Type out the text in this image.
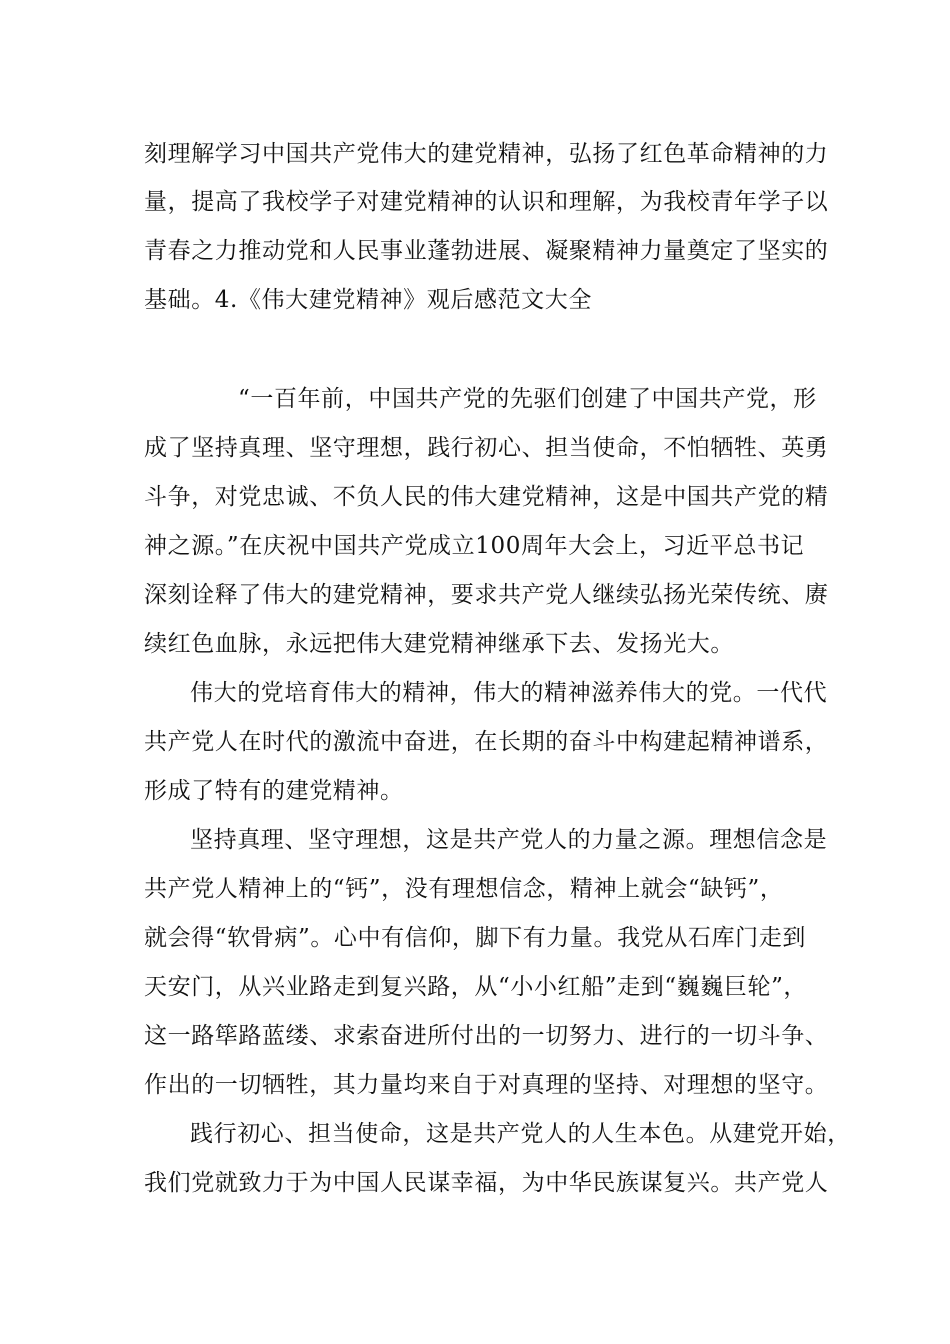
刻理解学习中国共产党伟大的建党精神，弘扬了红色革命精神的力
量，提高了我校学子对建党精神的认识和理解，为我校青年学子以
青春之力推动党和人民事业蓬勃进展、凝聚精神力量奠定了坚实的
基础。4.《伟大建党精神》观后感范文大全
“一百年前，中国共产党的先驱们创建了中国共产党，形
成了坚持真理、坚守理想，践行初心、担当使命，不怕牺牲、英勇
斗争，对党忠诚、不负人民的伟大建党精神，这是中国共产党的精
神之源。”在庆祝中国共产党成立100周年大会上，习近平总书记
深刻诠释了伟大的建党精神，要求共产党人继续弘扬光荣传统、赓
续红色血脉，永远把伟大建党精神继承下去、发扬光大。
伟大的党培育伟大的精神，伟大的精神滋养伟大的党。一代代
共产党人在时代的激流中奋进，在长期的奋斗中构建起精神谱系，
形成了特有的建党精神。
坚持真理、坚守理想，这是共产党人的力量之源。理想信念是
共产党人精神上的“钙”，没有理想信念，精神上就会“缺钙”，
就会得“软骨病”。心中有信仰，脚下有力量。我党从石库门走到
天安门，从兴业路走到复兴路，从“小小红船”走到“巍巍巨轮”，
这一路筚路蓝缕、求索奋进所付出的一切努力、进行的一切斗争、
作出的一切牺牲，其力量均来自于对真理的坚持、对理想的坚守。
践行初心、担当使命，这是共产党人的人生本色。从建党开始，
我们党就致力于为中国人民谋幸福，为中华民族谋复兴。共产党人
